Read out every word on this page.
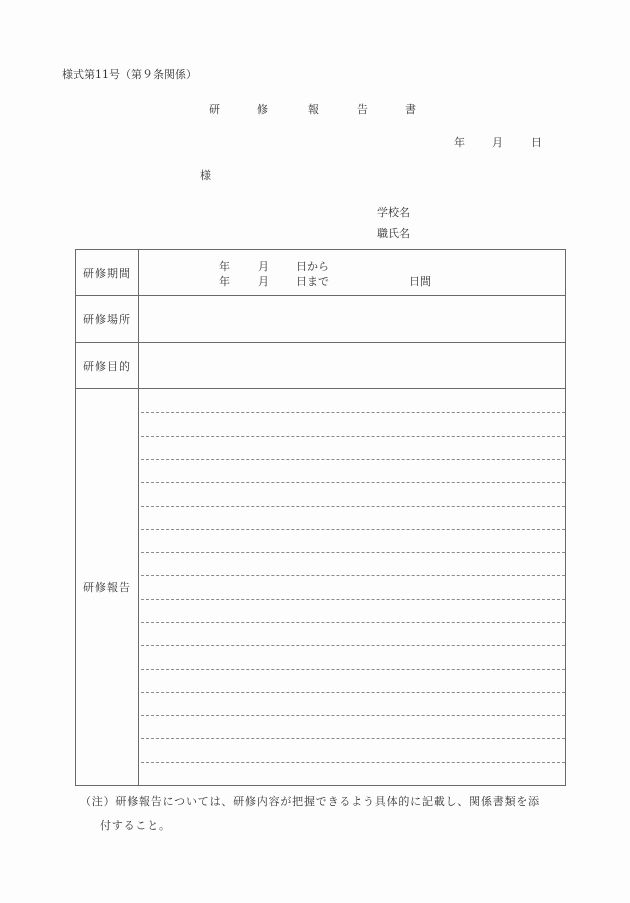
様式第11号（第９条関係）
研	修	報	告	書
年 月	日
様
学校名
職氏名
研修期間	年	月 日から
年	月 日まで	日間

研修場所	
研修目的	
研修報告	
（注）研修報告については、研修内容が把握できるよう具体的に記載し、関係書類を添
付すること。
